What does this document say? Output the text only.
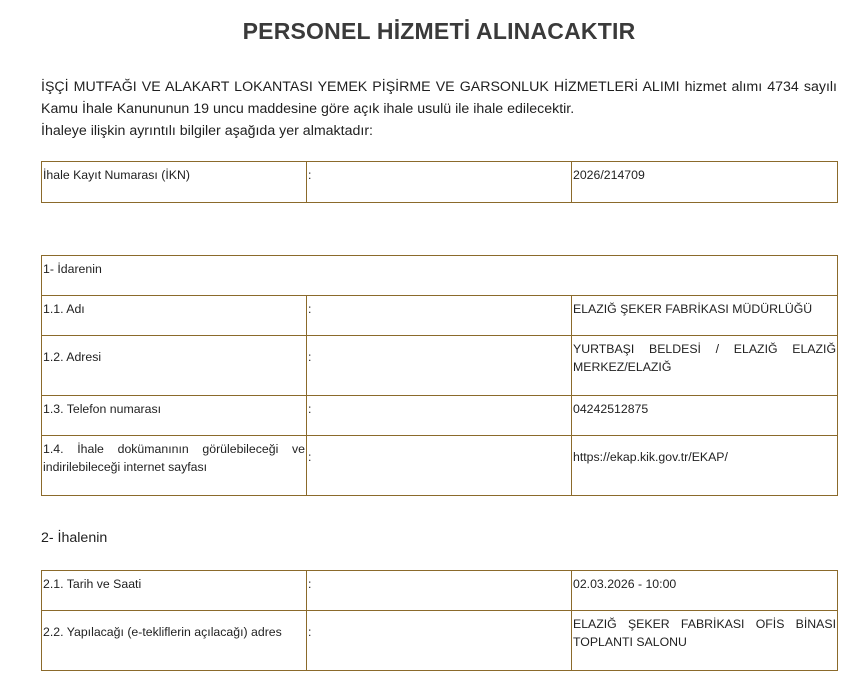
PERSONEL HİZMETİ ALINACAKTIR

İŞÇİ MUTFAĞI VE ALAKART LOKANTASI YEMEK PİŞİRME VE GARSONLUK HİZMETLERİ ALIMI hizmet alımı 4734 sayılı Kamu İhale Kanununun 19 uncu maddesine göre açık ihale usulü ile ihale edilecektir.

İhaleye ilişkin ayrıntılı bilgiler aşağıda yer almaktadır:

İhale Kayıt Numarası (İKN)	:	2026/214709
1- İdarenin		
1.1. Adı	:	ELAZIĞ ŞEKER FABRİKASI MÜDÜRLÜĞÜ
1.2. Adresi	:	YURTBAŞI BELDESİ / ELAZIĞ ELAZIĞ MERKEZ/ELAZIĞ
1.3. Telefon numarası	:	04242512875
1.4. İhale dokümanının görülebileceği ve indirilebileceği internet sayfası	:	https://ekap.kik.gov.tr/EKAP/
2- İhalenin
2.1. Tarih ve Saati	:	02.03.2026 - 10:00
2.2. Yapılacağı (e-tekliflerin açılacağı) adres	:	ELAZIĞ ŞEKER FABRİKASI OFİS BİNASI TOPLANTI SALONU
